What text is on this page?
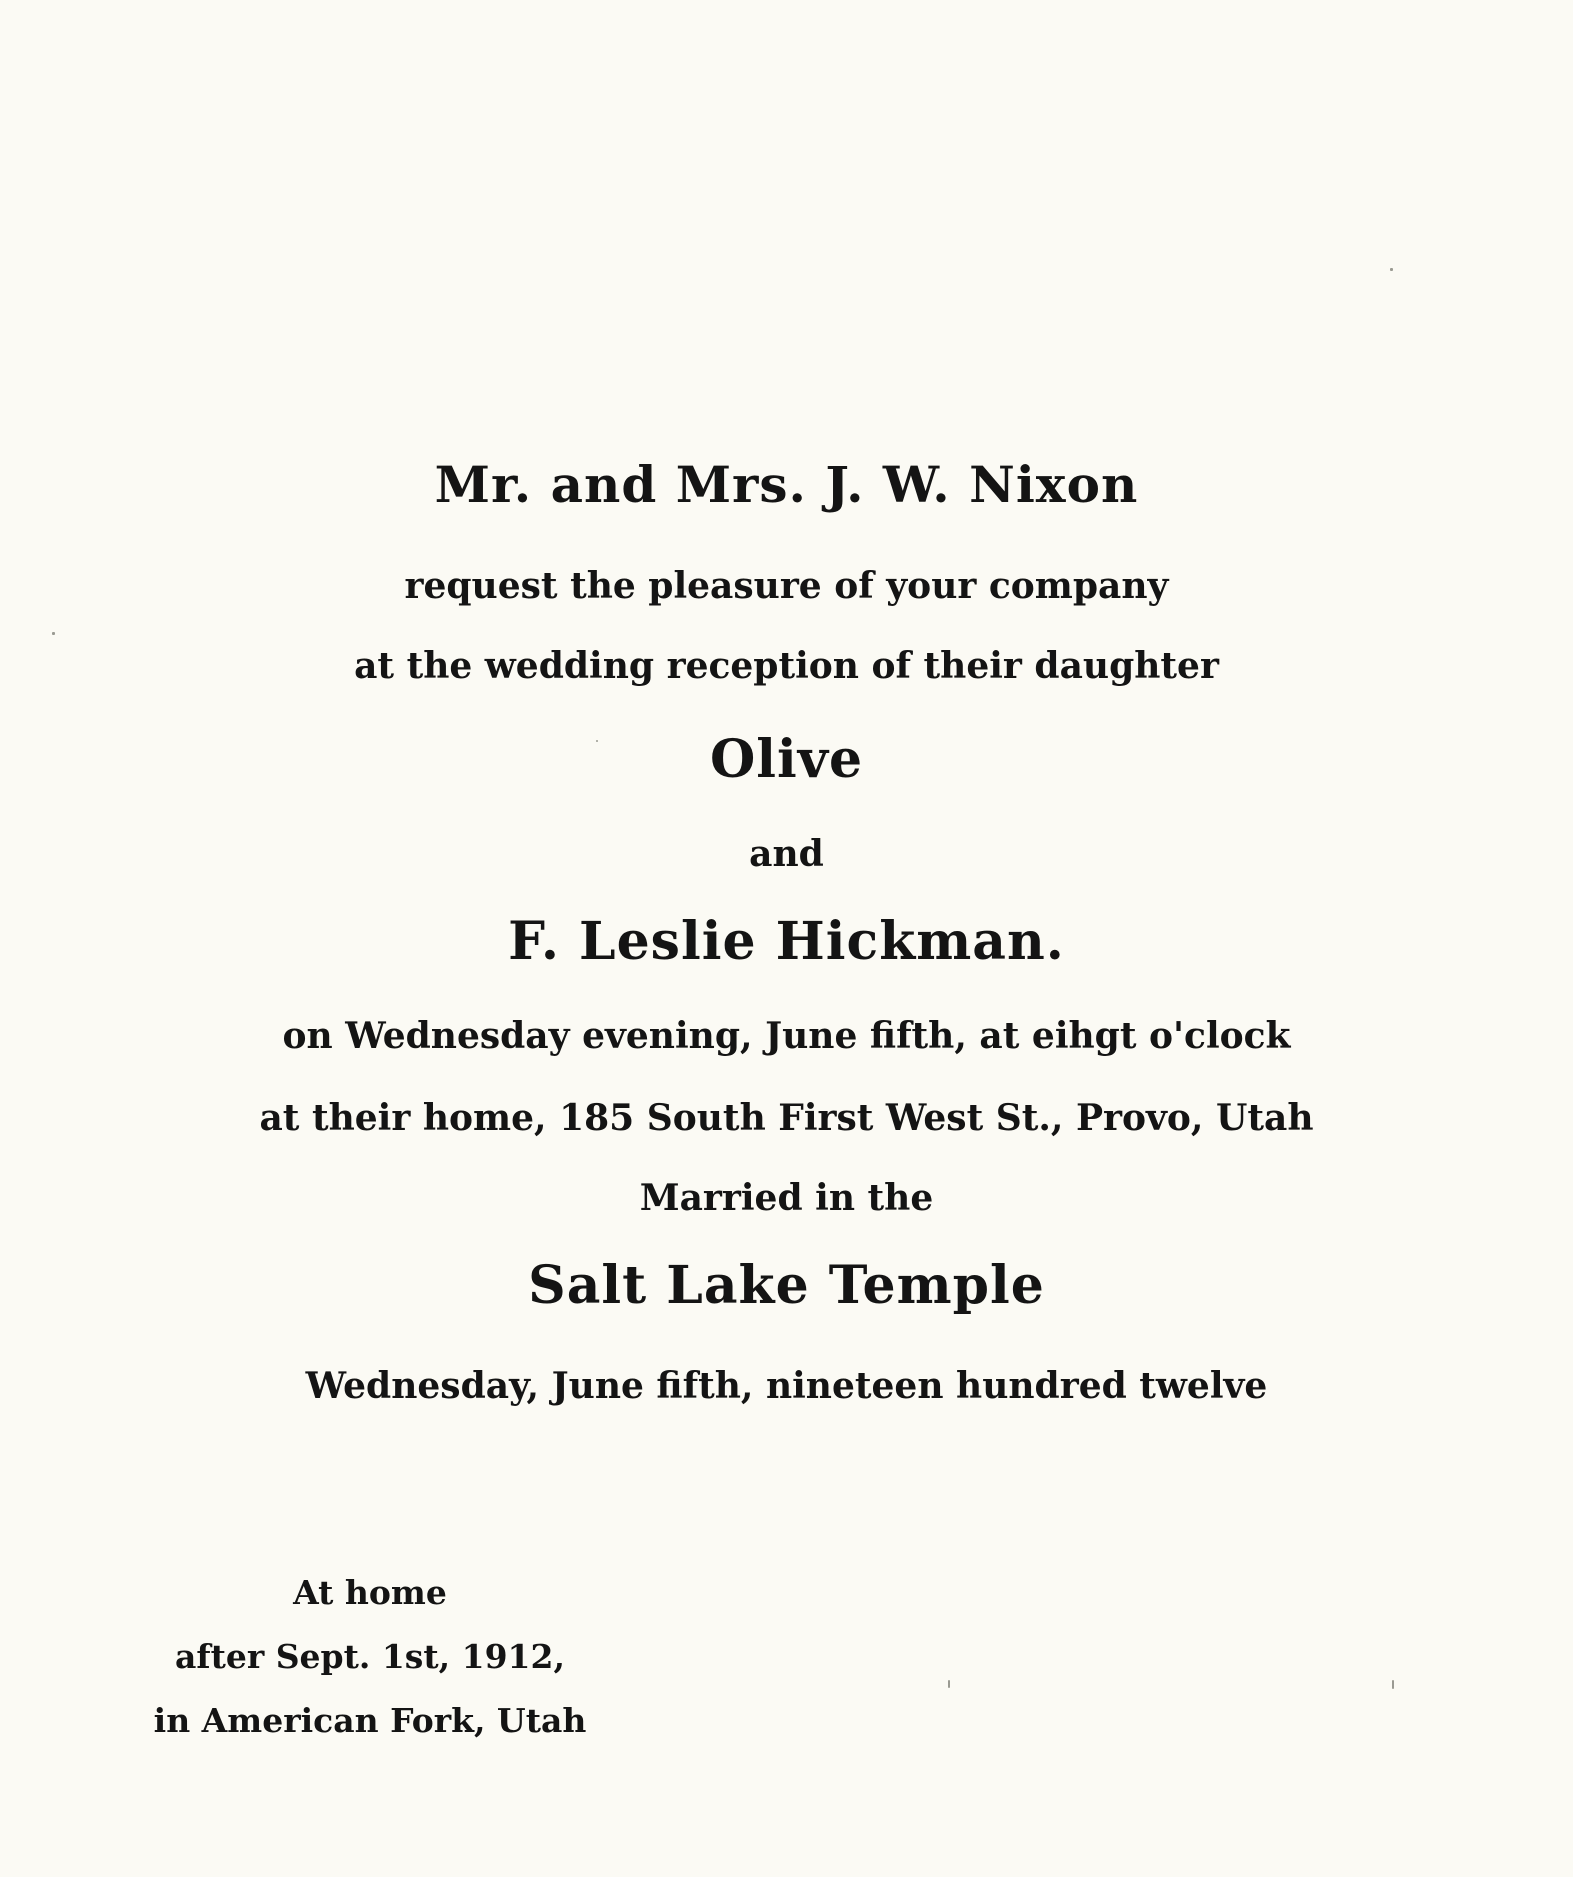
Mr. and Mrs. J. W. Nixon
request the pleasure of your company
at the wedding reception of their daughter
Olive
and
F. Leslie Hickman.
on Wednesday evening, June fifth, at eihgt o'clock
at their home, 185 South First West St., Provo, Utah
Married in the
Salt Lake Temple
Wednesday, June fifth, nineteen hundred twelve
At home
after Sept. 1st, 1912,
in American Fork, Utah
